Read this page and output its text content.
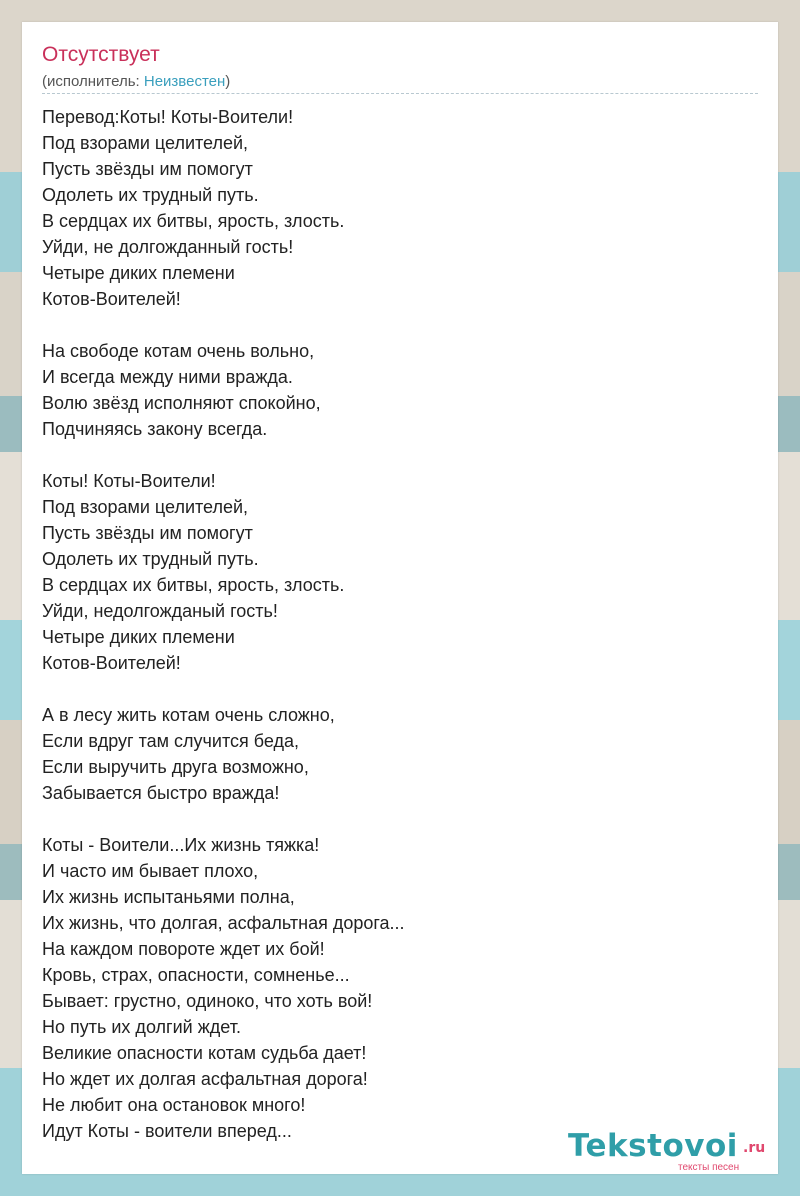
Отсутствует
(исполнитель: Неизвестен)
Перевод:Коты! Коты-Воители!
Под взорами целителей,
Пусть звёзды им помогут
Одолеть их трудный путь.
В сердцах их битвы, ярость, злость.
Уйди, не долгожданный гость!
Четыре диких племени
Котов-Воителей!
На свободе котам очень вольно,
И всегда между ними вражда.
Волю звёзд исполняют спокойно,
Подчиняясь закону всегда.
Коты! Коты-Воители!
Под взорами целителей,
Пусть звёзды им помогут
Одолеть их трудный путь.
В сердцах их битвы, ярость, злость.
Уйди, недолгожданый гость!
Четыре диких племени
Котов-Воителей!
А в лесу жить котам очень сложно,
Если вдруг там случится беда,
Если выручить друга возможно,
Забывается быстро вражда!
Коты - Воители...Их жизнь тяжка!
И часто им бывает плохо,
Их жизнь испытаньями полна,
Их жизнь, что долгая, асфальтная дорога...
На каждом повороте ждет их бой!
Кровь, страх, опасности, сомненье...
Бывает: грустно, одиноко, что хоть вой!
Но путь их долгий ждет.
Великие опасности котам судьба дает!
Но ждет их долгая асфальтная дорога!
Не любит она остановок много!
Идут Коты - воители вперед...	Tekstovoi .ru
тексты песен
